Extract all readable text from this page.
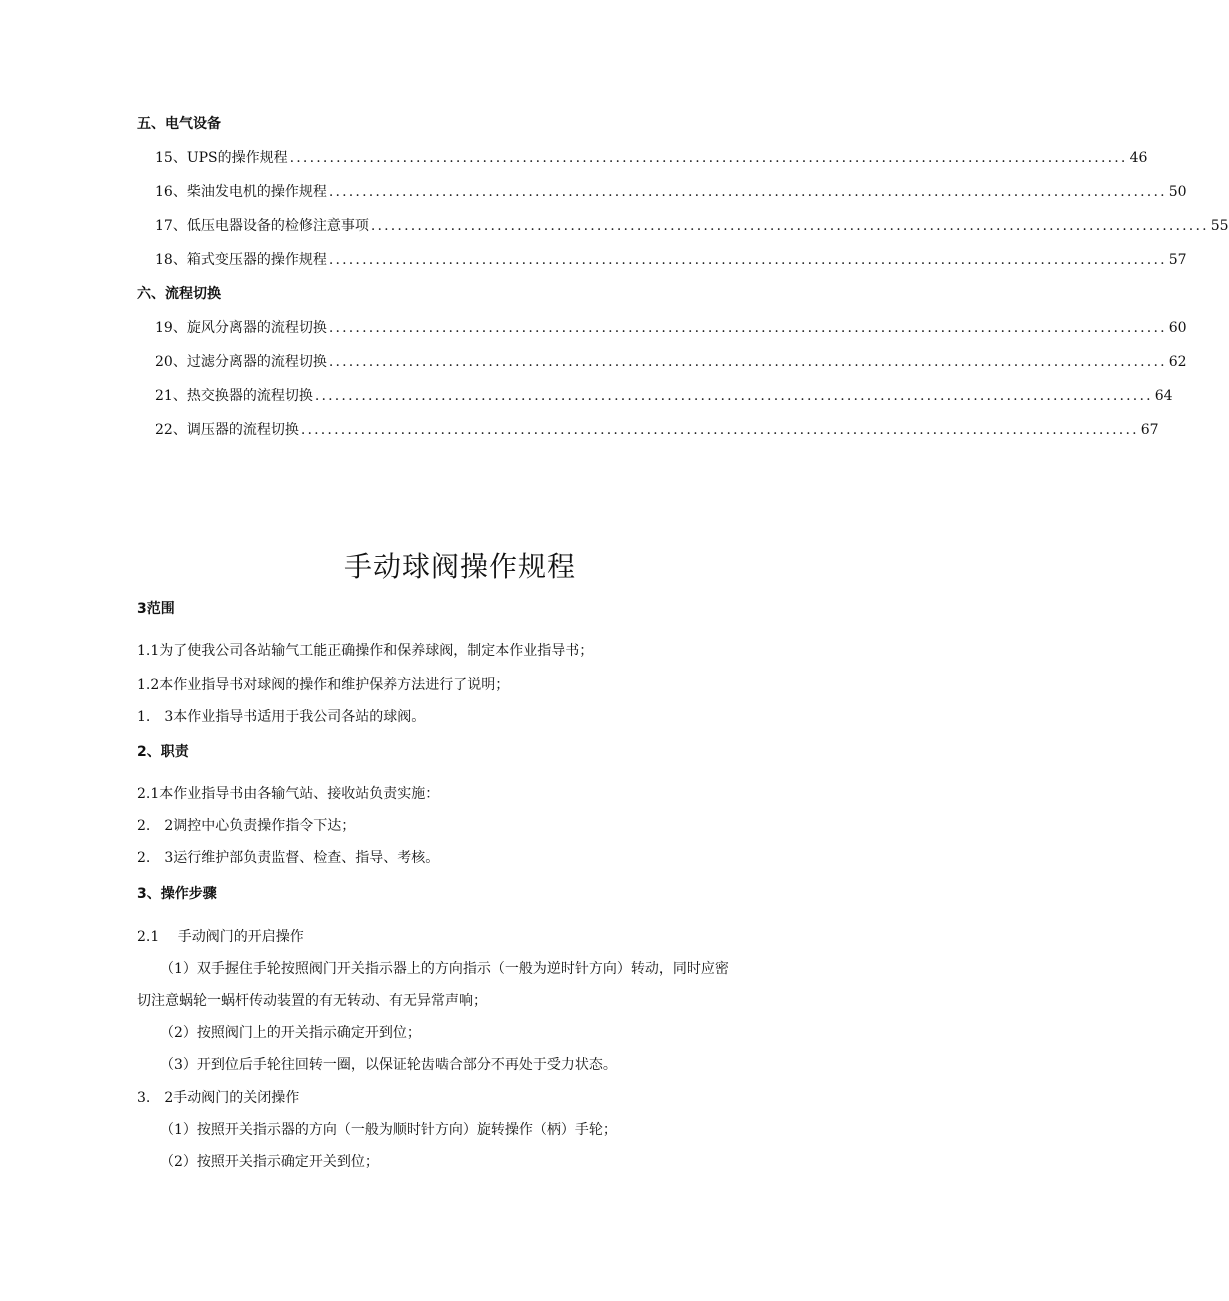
五、电气设备
15、UPS的操作规程 .............................................................................................................................. 46
16、柴油发电机的操作规程 .............................................................................................................................. 50
17、低压电器设备的检修注意事项 .............................................................................................................................. 55
18、箱式变压器的操作规程 .............................................................................................................................. 57
六、流程切换
19、旋风分离器的流程切换 .............................................................................................................................. 60
20、过滤分离器的流程切换 .............................................................................................................................. 62
21、热交换器的流程切换 .............................................................................................................................. 64
22、调压器的流程切换 .............................................................................................................................. 67
手动球阀操作规程
3范围
1.1为了使我公司各站输气工能正确操作和保养球阀，制定本作业指导书；
1.2本作业指导书对球阀的操作和维护保养方法进行了说明；
1.　3本作业指导书适用于我公司各站的球阀。
2、职责
2.1本作业指导书由各输气站、接收站负责实施：
2.　2调控中心负责操作指令下达；
2.　3运行维护部负责监督、检查、指导、考核。
3、操作步骤
2.1　 手动阀门的开启操作
（1）双手握住手轮按照阀门开关指示器上的方向指示（一般为逆时针方向）转动，同时应密
切注意蜗轮一蜗杆传动装置的有无转动、有无异常声响；
（2）按照阀门上的开关指示确定开到位；
（3）开到位后手轮往回转一圈，以保证轮齿啮合部分不再处于受力状态。
3.　2手动阀门的关闭操作
（1）按照开关指示器的方向（一般为顺时针方向）旋转操作（柄）手轮；
（2）按照开关指示确定开关到位；
